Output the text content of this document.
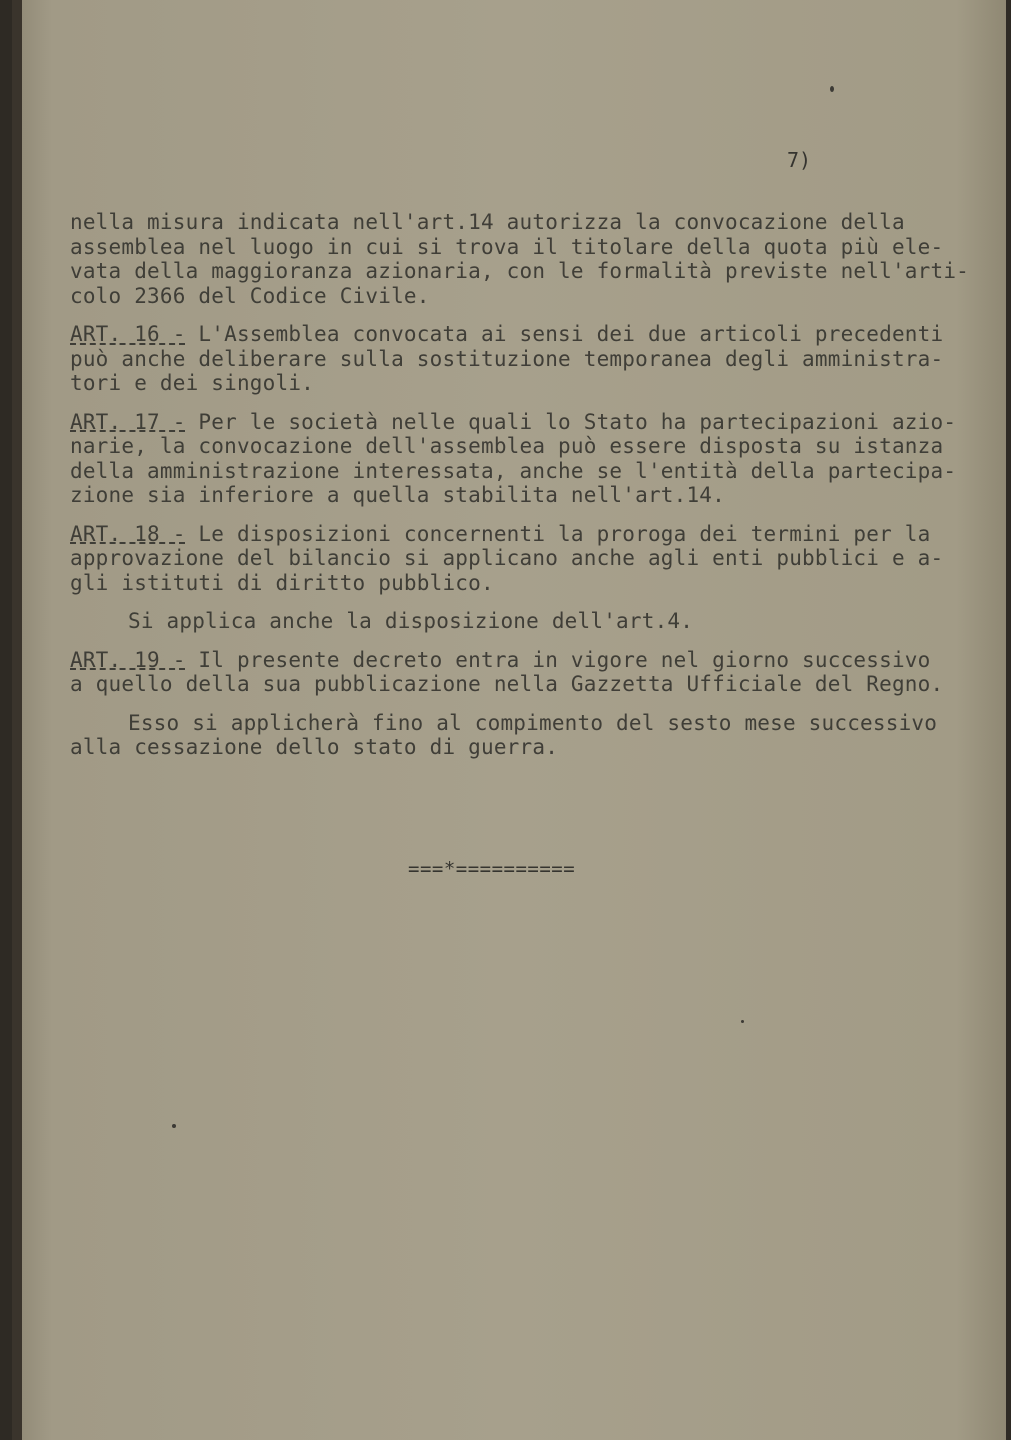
7)
nella misura indicata nell'art.14 autorizza la convocazione della
assemblea nel luogo in cui si trova il titolare della quota più ele-
vata della maggioranza azionaria, con le formalità previste nell'arti-
colo 2366 del Codice Civile.
ART. 16 - L'Assemblea convocata ai sensi dei due articoli precedenti
può anche deliberare sulla sostituzione temporanea degli amministra-
tori e dei singoli.
ART. 17 - Per le società nelle quali lo Stato ha partecipazioni azio-
narie, la convocazione dell'assemblea può essere disposta su istanza
della amministrazione interessata, anche se l'entità della partecipa-
zione sia inferiore a quella stabilita nell'art.14.
ART. 18 - Le disposizioni concernenti la proroga dei termini per la
approvazione del bilancio si applicano anche agli enti pubblici e a-
gli istituti di diritto pubblico.
Si applica anche la disposizione dell'art.4.
ART. 19 - Il presente decreto entra in vigore nel giorno successivo
a quello della sua pubblicazione nella Gazzetta Ufficiale del Regno.
Esso si applicherà fino al compimento del sesto mese successivo
alla cessazione dello stato di guerra.
===*==========
